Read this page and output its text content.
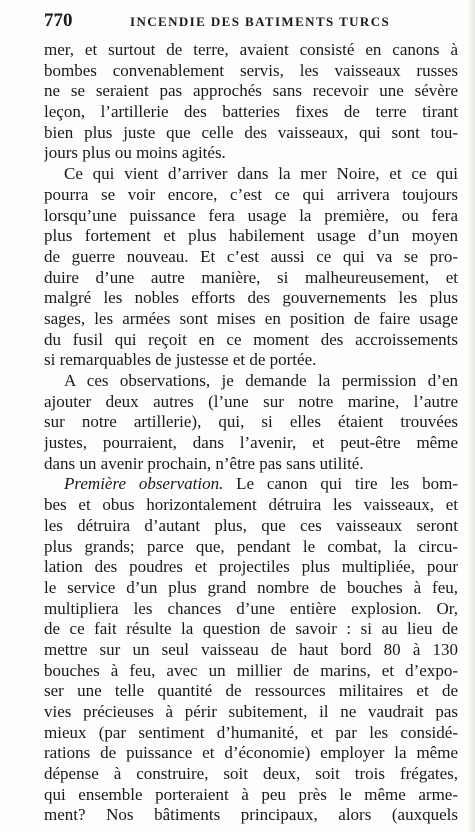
770	INCENDIE DES BATIMENTS TURCS
mer, et surtout de terre, avaient consisté en canons à
bombes convenablement servis, les vaisseaux russes
ne se seraient pas approchés sans recevoir une sévère
leçon, l’artillerie des batteries fixes de terre tirant
bien plus juste que celle des vaisseaux, qui sont tou-
jours plus ou moins agités.
Ce qui vient d’arriver dans la mer Noire, et ce qui
pourra se voir encore, c’est ce qui arrivera toujours
lorsqu’une puissance fera usage la première, ou fera
plus fortement et plus habilement usage d’un moyen
de guerre nouveau. Et c’est aussi ce qui va se pro-
duire d’une autre manière, si malheureusement, et
malgré les nobles efforts des gouvernements les plus
sages, les armées sont mises en position de faire usage
du fusil qui reçoit en ce moment des accroissements
si remarquables de justesse et de portée.
A ces observations, je demande la permission d’en
ajouter deux autres (l’une sur notre marine, l’autre
sur notre artillerie), qui, si elles étaient trouvées
justes, pourraient, dans l’avenir, et peut-être même
dans un avenir prochain, n’être pas sans utilité.
Première observation. Le canon qui tire les bom-
bes et obus horizontalement détruira les vaisseaux, et
les détruira d’autant plus, que ces vaisseaux seront
plus grands; parce que, pendant le combat, la circu-
lation des poudres et projectiles plus multipliée, pour
le service d’un plus grand nombre de bouches à feu,
multipliera les chances d’une entière explosion. Or,
de ce fait résulte la question de savoir : si au lieu de
mettre sur un seul vaisseau de haut bord 80 à 130
bouches à feu, avec un millier de marins, et d’expo-
ser une telle quantité de ressources militaires et de
vies précieuses à périr subitement, il ne vaudrait pas
mieux (par sentiment d’humanité, et par les considé-
rations de puissance et d’économie) employer la même
dépense à construire, soit deux, soit trois frégates,
qui ensemble porteraient à peu près le même arme-
ment? Nos bâtiments principaux, alors (auxquels
